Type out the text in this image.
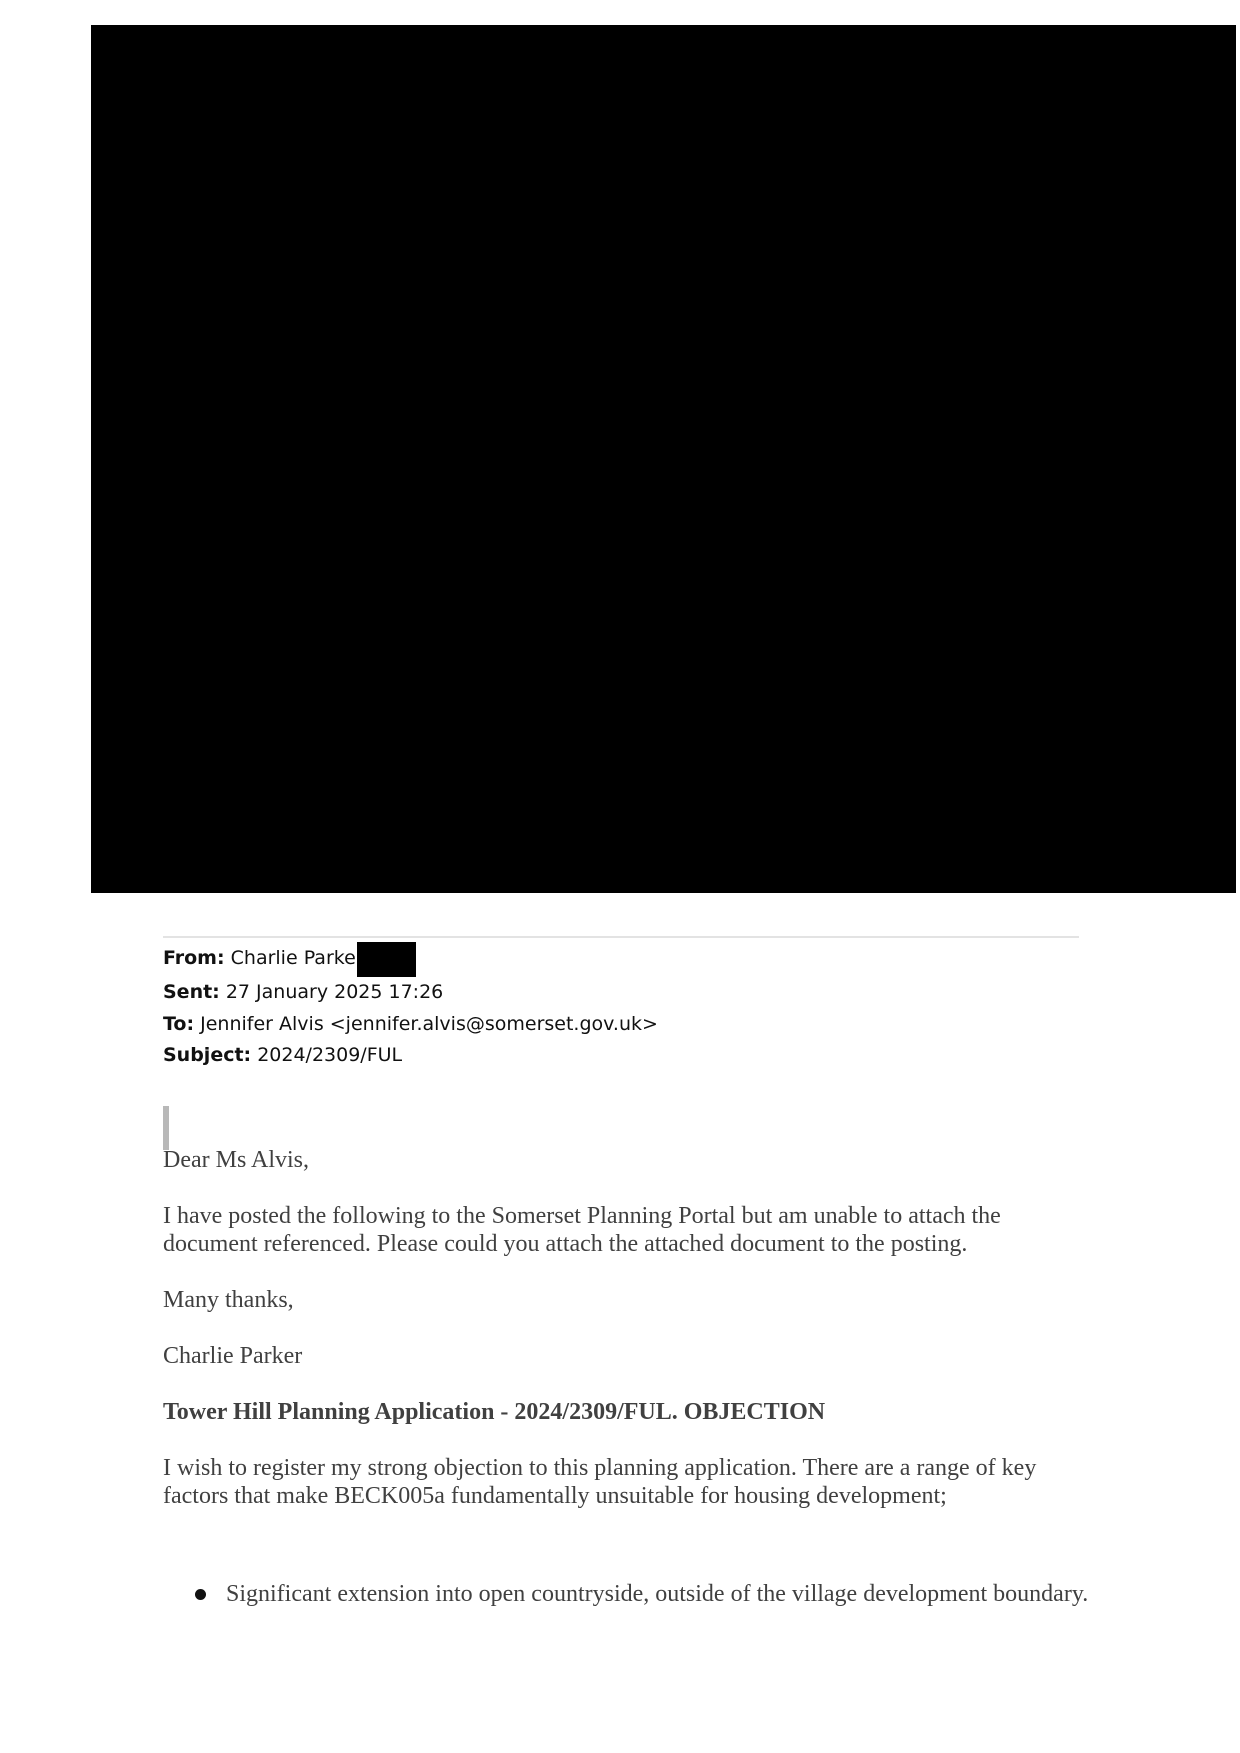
From: Charlie Parke
Sent: 27 January 2025 17:26
To: Jennifer Alvis <jennifer.alvis@somerset.gov.uk>
Subject: 2024/2309/FUL

Dear Ms Alvis,

I have posted the following to the Somerset Planning Portal but am unable to attach the document referenced. Please could you attach the attached document to the posting.

Many thanks,

Charlie Parker

Tower Hill Planning Application - 2024/2309/FUL. OBJECTION

I wish to register my strong objection to this planning application. There are a range of key factors that make BECK005a fundamentally unsuitable for housing development;

Significant extension into open countryside, outside of the village development boundary.
